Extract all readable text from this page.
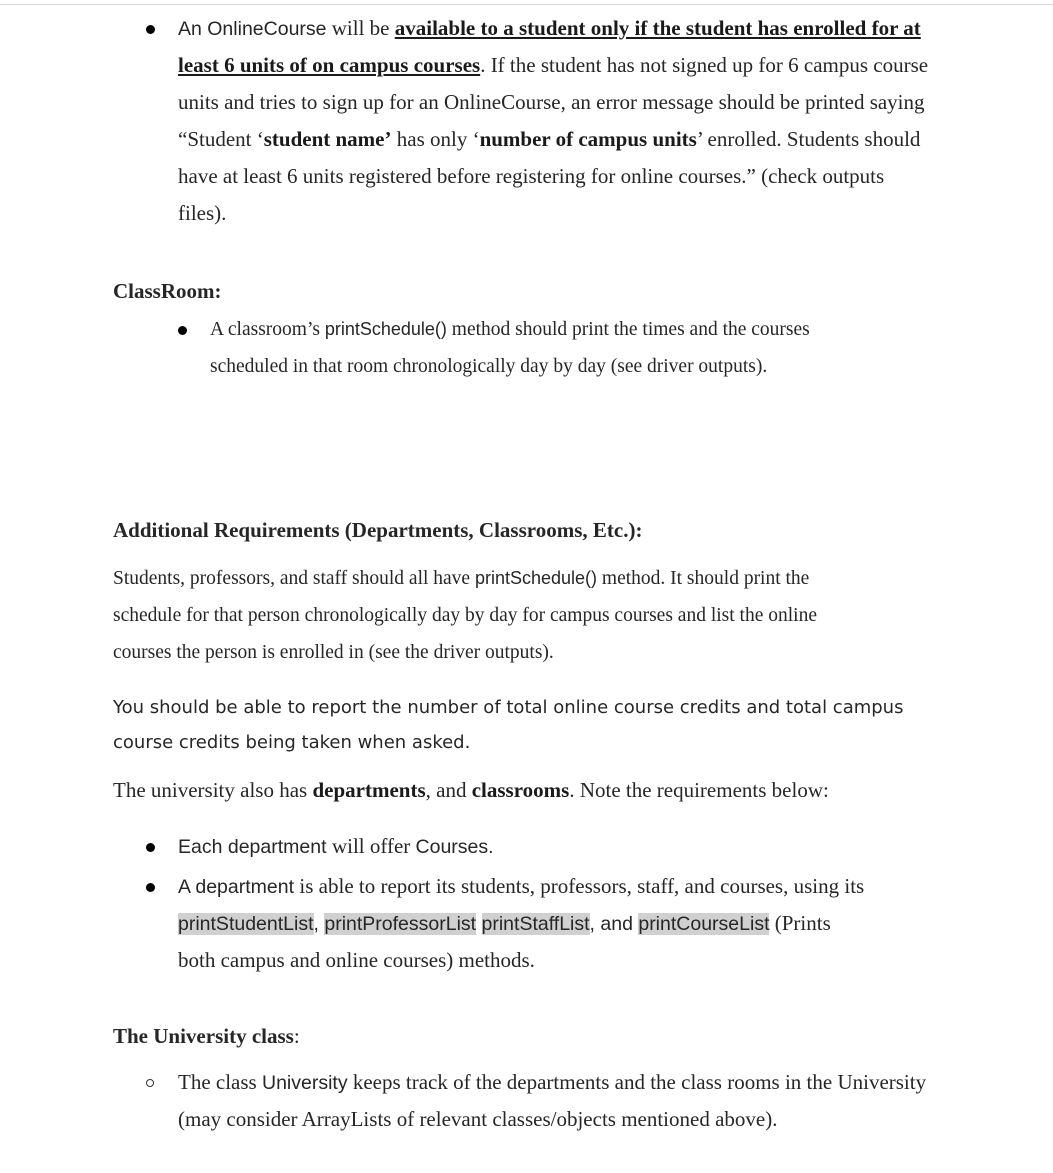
An OnlineCourse will be available to a student only if the student has enrolled for at
least 6 units of on campus courses. If the student has not signed up for 6 campus course
units and tries to sign up for an OnlineCourse, an error message should be printed saying
“Student ‘student name’ has only ‘number of campus units’ enrolled. Students should
have at least 6 units registered before registering for online courses.” (check outputs
files).
ClassRoom:
A classroom’s printSchedule() method should print the times and the courses
scheduled in that room chronologically day by day (see driver outputs).
Additional Requirements (Departments, Classrooms, Etc.):
Students, professors, and staff should all have printSchedule() method. It should print the
schedule for that person chronologically day by day for campus courses and list the online
courses the person is enrolled in (see the driver outputs).
You should be able to report the number of total online course credits and total campus
course credits being taken when asked.
The university also has departments, and classrooms. Note the requirements below:
Each department will offer Courses.
A department is able to report its students, professors, staff, and courses, using its
printStudentList, printProfessorList printStaffList, and printCourseList (Prints
both campus and online courses) methods.
The University class:
The class University keeps track of the departments and the class rooms in the University
(may consider ArrayLists of relevant classes/objects mentioned above).
